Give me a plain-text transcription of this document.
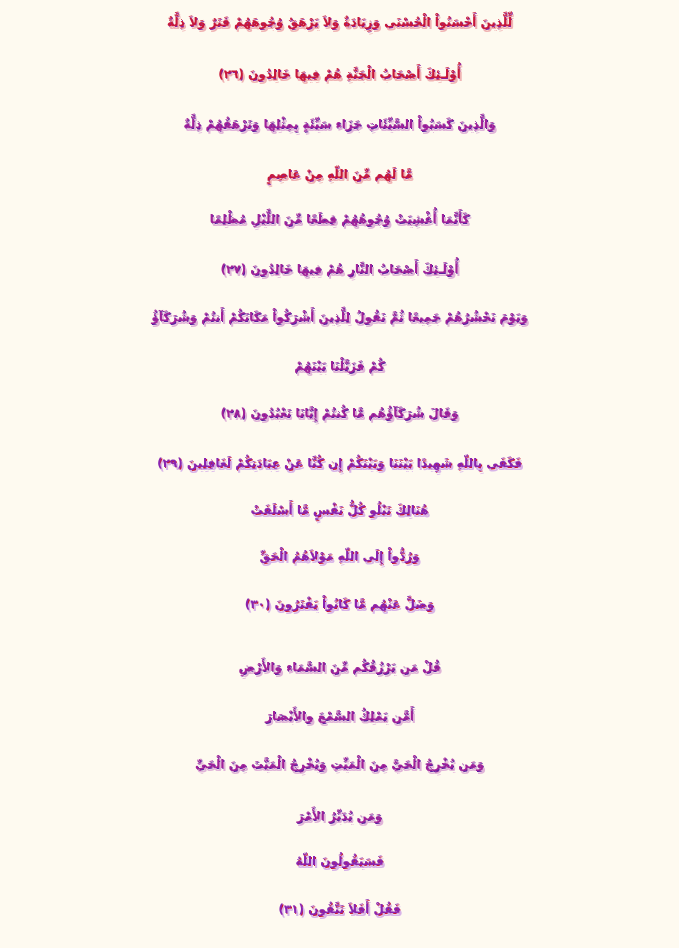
لِّلَّذِينَ أَحْسَنُواْ الْحُسْنَى وَزِيَادَةٌ وَلاَ يَرْهَقُ وُجُوهَهُمْ قَتَرٌ وَلاَ ذِلَّةٌ
أُوْلَـئِكَ أَصْحَابُ الْجَنَّةِ هُمْ فِيهَا خَالِدُونَ (٢٦)
وَالَّذِينَ كَسَبُواْ السَّيِّئَاتِ جَزَاء سَيِّئَةٍ بِمِثْلِهَا وَتَرْهَقُهُمْ ذِلَّةٌ
مَّا لَهُم مِّنَ اللّهِ مِنْ عَاصِمٍ
كَأَنَّمَا أُغْشِيَتْ وُجُوهُهُمْ قِطَعًا مِّنَ اللَّيْلِ مُظْلِمًا
أُوْلَـئِكَ أَصْحَابُ النَّارِ هُمْ فِيهَا خَالِدُونَ (٢٧)
وَيَوْمَ نَحْشُرُهُمْ جَمِيعًا ثُمَّ نَقُولُ لِلَّذِينَ أَشْرَكُواْ مَكَانَكُمْ أَنتُمْ وَشُرَكَآؤُ
كُمْ فَزَيَّلْنَا بَيْنَهُمْ
وَقَالَ شُرَكَآؤُهُم مَّا كُنتُمْ إِيَّانَا تَعْبُدُونَ (٢٨)
فَكَفَى بِاللّهِ شَهِيدًا بَيْنَنَا وَبَيْنَكُمْ إِن كُنَّا عَنْ عِبَادَتِكُمْ لَغَافِلِينَ (٢٩)
هُنَالِكَ تَبْلُو كُلُّ نَفْسٍ مَّا أَسْلَفَتْ
وَرُدُّواْ إِلَى اللّهِ مَوْلاَهُمُ الْحَقِّ
وَضَلَّ عَنْهُم مَّا كَانُواْ يَفْتَرُونَ (٣٠)
قُلْ مَن يَرْزُقُكُم مِّنَ السَّمَاء وَالأَرْضِ
أَمَّن يَمْلِكُ السَّمْعَ والأَبْصَارَ
وَمَن يُخْرِجُ الْحَيَّ مِنَ الْمَيِّتِ وَيُخْرِجُ الْمَيَّتَ مِنَ الْحَيِّ
وَمَن يُدَبِّرُ الأَمْرَ
فَسَيَقُولُونَ اللّهُ
فَقُلْ أَفَلاَ تَتَّقُونَ (٣١)
